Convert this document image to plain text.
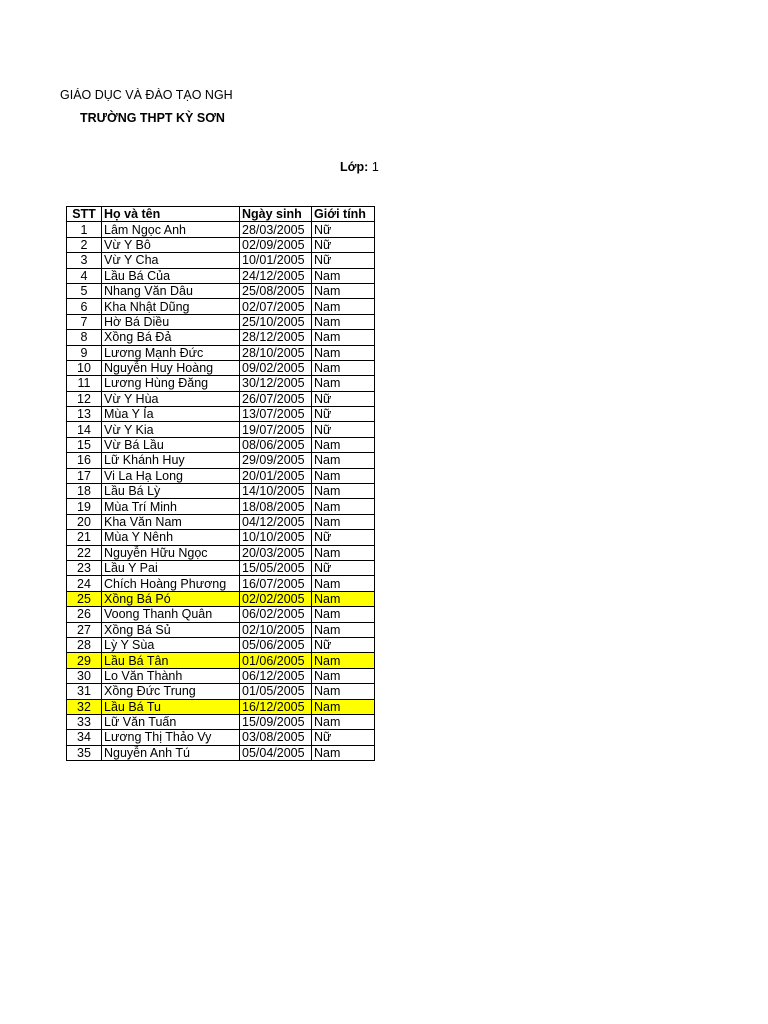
GIÁO DỤC VÀ ĐÀO TẠO NGH
TRƯỜNG THPT KỲ SƠN
Lớp: 1
STT	Họ và tên	Ngày sinh	Giới tính
1	Lâm Ngọc Anh	28/03/2005	Nữ
2	Vừ Y Bô	02/09/2005	Nữ
3	Vừ Y Cha	10/01/2005	Nữ
4	Lầu Bá Của	24/12/2005	Nam
5	Nhang Văn Dâu	25/08/2005	Nam
6	Kha Nhật Dũng	02/07/2005	Nam
7	Hờ Bá Diều	25/10/2005	Nam
8	Xồng Bá Đả	28/12/2005	Nam
9	Lương Mạnh Đức	28/10/2005	Nam
10	Nguyễn Huy Hoàng	09/02/2005	Nam
11	Lương Hùng Đăng	30/12/2005	Nam
12	Vừ Y Hùa	26/07/2005	Nữ
13	Mùa Y Ỉa	13/07/2005	Nữ
14	Vừ Y Kia	19/07/2005	Nữ
15	Vừ Bá Lầu	08/06/2005	Nam
16	Lữ Khánh Huy	29/09/2005	Nam
17	Vi La Hạ Long	20/01/2005	Nam
18	Lầu Bá Lỳ	14/10/2005	Nam
19	Mùa Trí Minh	18/08/2005	Nam
20	Kha Văn Nam	04/12/2005	Nam
21	Mùa Y Nênh	10/10/2005	Nữ
22	Nguyễn Hữu Ngọc	20/03/2005	Nam
23	Lầu Y Pai	15/05/2005	Nữ
24	Chích Hoàng Phương	16/07/2005	Nam
25	Xồng Bá Pó	02/02/2005	Nam
26	Voong Thanh Quân	06/02/2005	Nam
27	Xồng Bá Sủ	02/10/2005	Nam
28	Lỳ Y Sùa	05/06/2005	Nữ
29	Lầu Bá Tân	01/06/2005	Nam
30	Lo Văn Thành	06/12/2005	Nam
31	Xồng Đức Trung	01/05/2005	Nam
32	Lầu Bá Tu	16/12/2005	Nam
33	Lữ Văn Tuấn	15/09/2005	Nam
34	Lương Thị Thảo Vy	03/08/2005	Nữ
35	Nguyễn Anh Tú	05/04/2005	Nam
